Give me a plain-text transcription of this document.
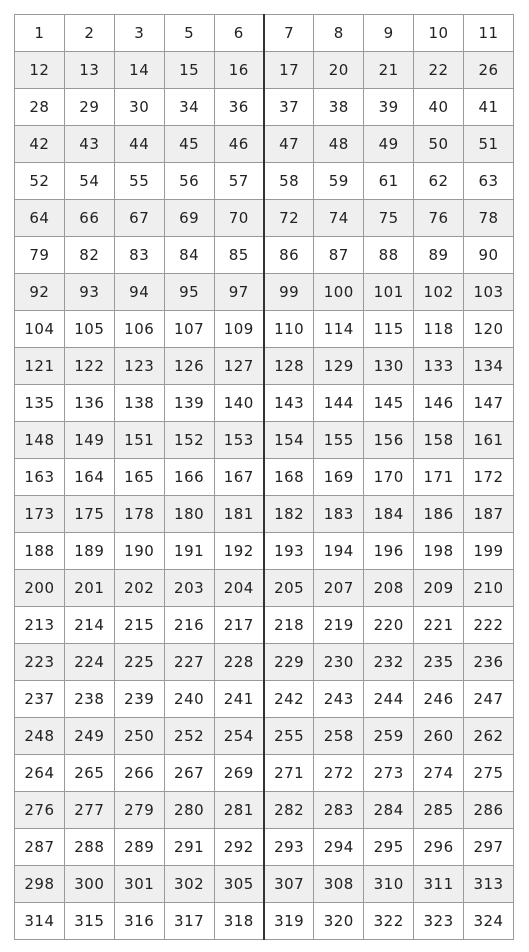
1	2	3	5	6	7	8	9	10	11
12	13	14	15	16	17	20	21	22	26
28	29	30	34	36	37	38	39	40	41
42	43	44	45	46	47	48	49	50	51
52	54	55	56	57	58	59	61	62	63
64	66	67	69	70	72	74	75	76	78
79	82	83	84	85	86	87	88	89	90
92	93	94	95	97	99	100	101	102	103
104	105	106	107	109	110	114	115	118	120
121	122	123	126	127	128	129	130	133	134
135	136	138	139	140	143	144	145	146	147
148	149	151	152	153	154	155	156	158	161
163	164	165	166	167	168	169	170	171	172
173	175	178	180	181	182	183	184	186	187
188	189	190	191	192	193	194	196	198	199
200	201	202	203	204	205	207	208	209	210
213	214	215	216	217	218	219	220	221	222
223	224	225	227	228	229	230	232	235	236
237	238	239	240	241	242	243	244	246	247
248	249	250	252	254	255	258	259	260	262
264	265	266	267	269	271	272	273	274	275
276	277	279	280	281	282	283	284	285	286
287	288	289	291	292	293	294	295	296	297
298	300	301	302	305	307	308	310	311	313
314	315	316	317	318	319	320	322	323	324
